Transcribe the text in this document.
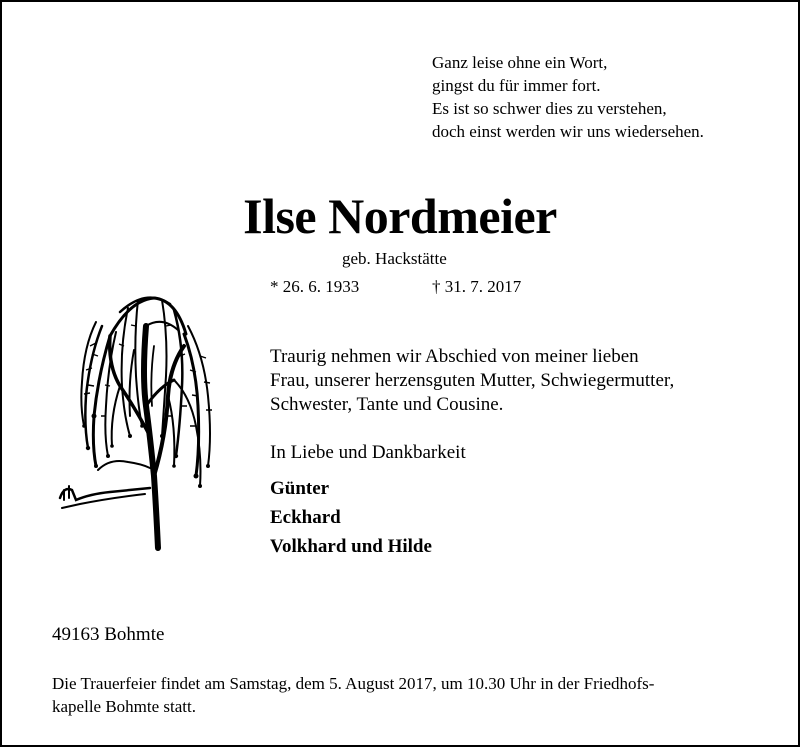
Ganz leise ohne ein Wort,
gingst du für immer fort.
Es ist so schwer dies zu verstehen,
doch einst werden wir uns wiedersehen.
Ilse Nordmeier
geb. Hackstätte
* 26. 6. 1933	† 31. 7. 2017
Traurig nehmen wir Abschied von meiner lieben
Frau, unserer herzensguten Mutter, Schwiegermutter,
Schwester, Tante und Cousine.
In Liebe und Dankbarkeit
Günter
Eckhard
Volkhard und Hilde
49163 Bohmte
Die Trauerfeier findet am Samstag, dem 5. August 2017, um 10.30 Uhr in der Friedhofs-
kapelle Bohmte statt.
